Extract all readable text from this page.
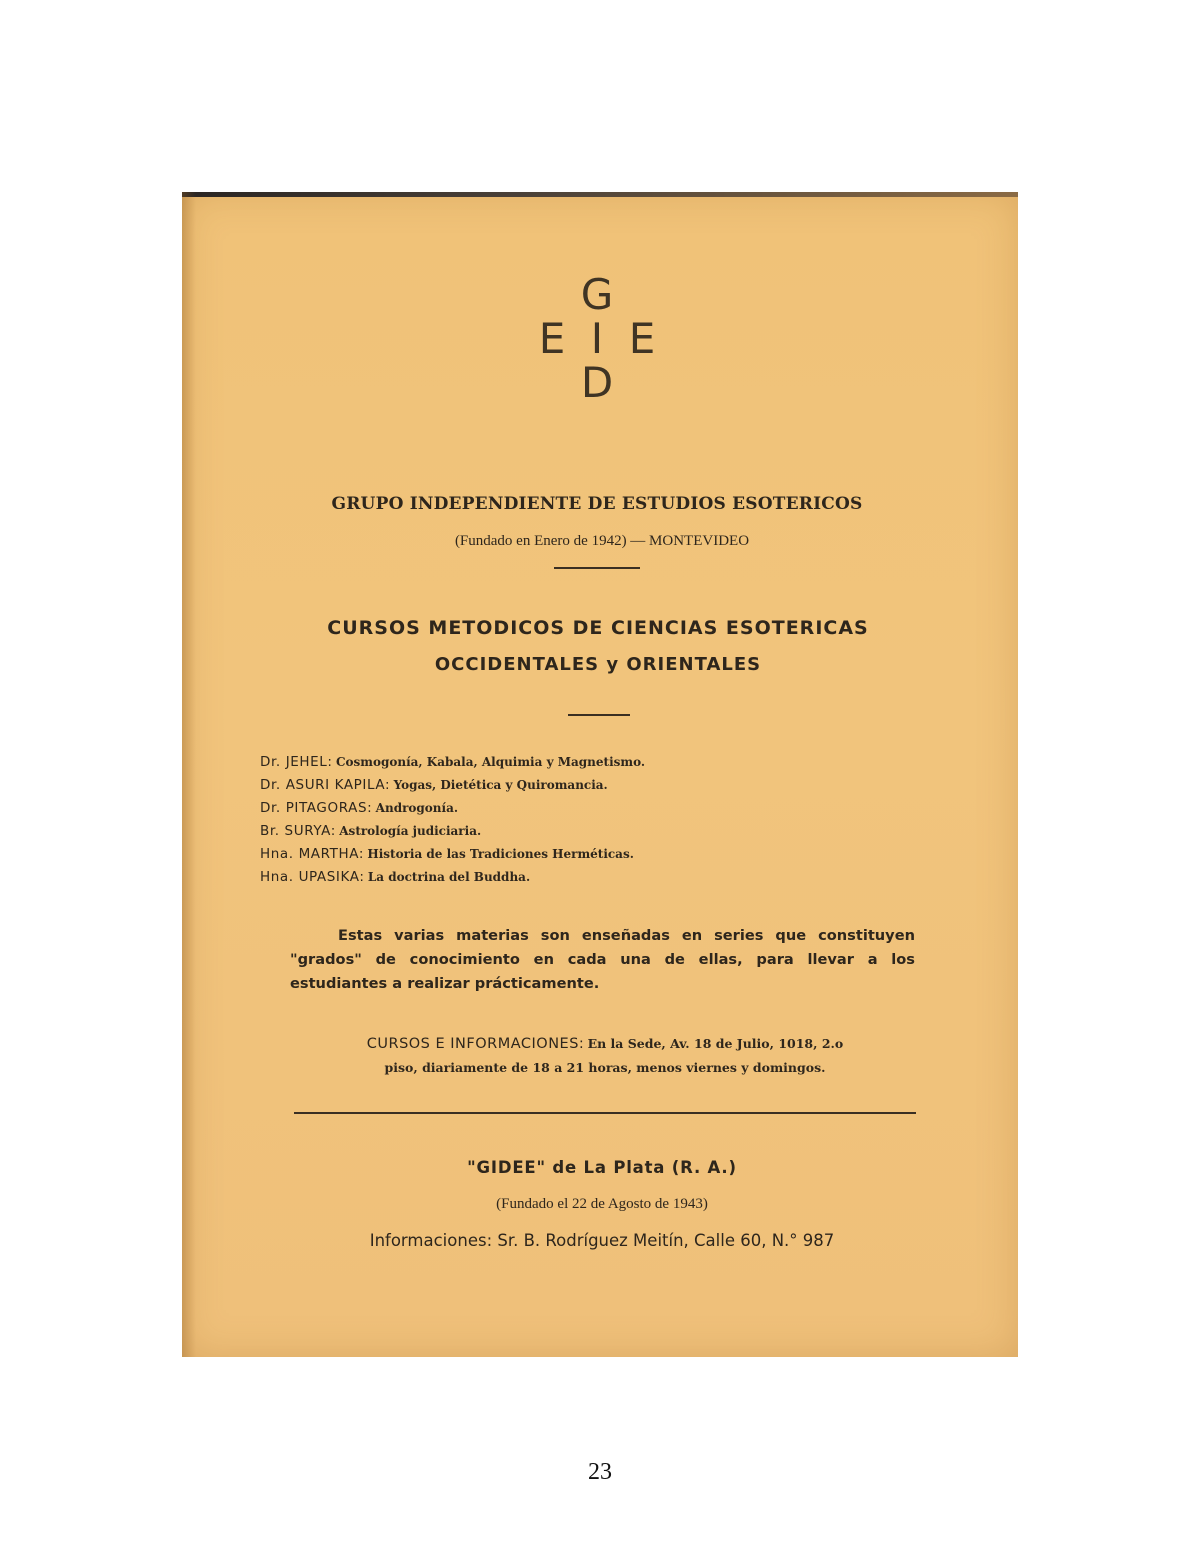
G
E I E
D
GRUPO INDEPENDIENTE DE ESTUDIOS ESOTERICOS
(Fundado en Enero de 1942) — MONTEVIDEO
CURSOS METODICOS DE CIENCIAS ESOTERICAS
OCCIDENTALES y ORIENTALES
Dr. JEHEL: Cosmogonía, Kabala, Alquimia y Magnetismo.
Dr. ASURI KAPILA: Yogas, Dietética y Quiromancia.
Dr. PITAGORAS: Androgonía.
Br. SURYA: Astrología judiciaria.
Hna. MARTHA: Historia de las Tradiciones Herméticas.
Hna. UPASIKA: La doctrina del Buddha.
Estas varias materias son enseñadas en series que constituyen "grados" de conocimiento en cada una de ellas, para llevar a los estudiantes a realizar prácticamente.
CURSOS E INFORMACIONES: En la Sede, Av. 18 de Julio, 1018, 2.o
piso, diariamente de 18 a 21 horas, menos viernes y domingos.
"GIDEE" de La Plata (R. A.)
(Fundado el 22 de Agosto de 1943)
Informaciones: Sr. B. Rodríguez Meitín, Calle 60, N.° 987
23
